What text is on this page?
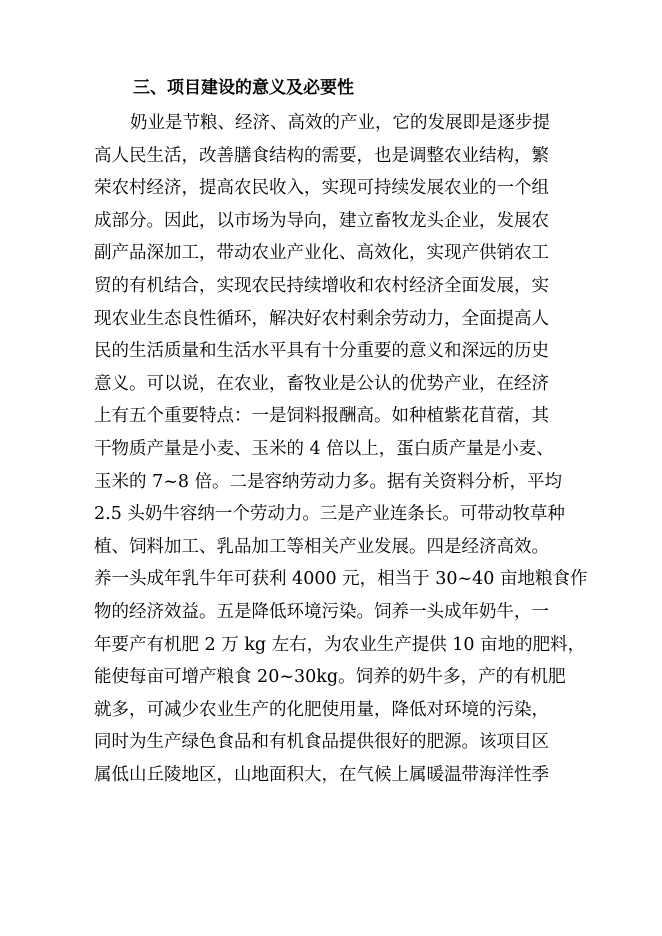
三、项目建设的意义及必要性
奶业是节粮、经济、高效的产业，它的发展即是逐步提
高人民生活，改善膳食结构的需要，也是调整农业结构，繁
荣农村经济，提高农民收入，实现可持续发展农业的一个组
成部分。因此，以市场为导向，建立畜牧龙头企业，发展农
副产品深加工，带动农业产业化、高效化，实现产供销农工
贸的有机结合，实现农民持续增收和农村经济全面发展，实
现农业生态良性循环，解决好农村剩余劳动力，全面提高人
民的生活质量和生活水平具有十分重要的意义和深远的历史
意义。可以说，在农业，畜牧业是公认的优势产业，在经济
上有五个重要特点：一是饲料报酬高。如种植紫花苜蓿，其
干物质产量是小麦、玉米的 4 倍以上，蛋白质产量是小麦、
玉米的 7~8 倍。二是容纳劳动力多。据有关资料分析，平均
2.5 头奶牛容纳一个劳动力。三是产业连条长。可带动牧草种
植、饲料加工、乳品加工等相关产业发展。四是经济高效。
养一头成年乳牛年可获利 4000 元，相当于 30~40 亩地粮食作
物的经济效益。五是降低环境污染。饲养一头成年奶牛，一
年要产有机肥 2 万 kg 左右，为农业生产提供 10 亩地的肥料，
能使每亩可增产粮食 20~30kg。饲养的奶牛多，产的有机肥
就多，可减少农业生产的化肥使用量，降低对环境的污染，
同时为生产绿色食品和有机食品提供很好的肥源。该项目区
属低山丘陵地区，山地面积大，在气候上属暖温带海洋性季
